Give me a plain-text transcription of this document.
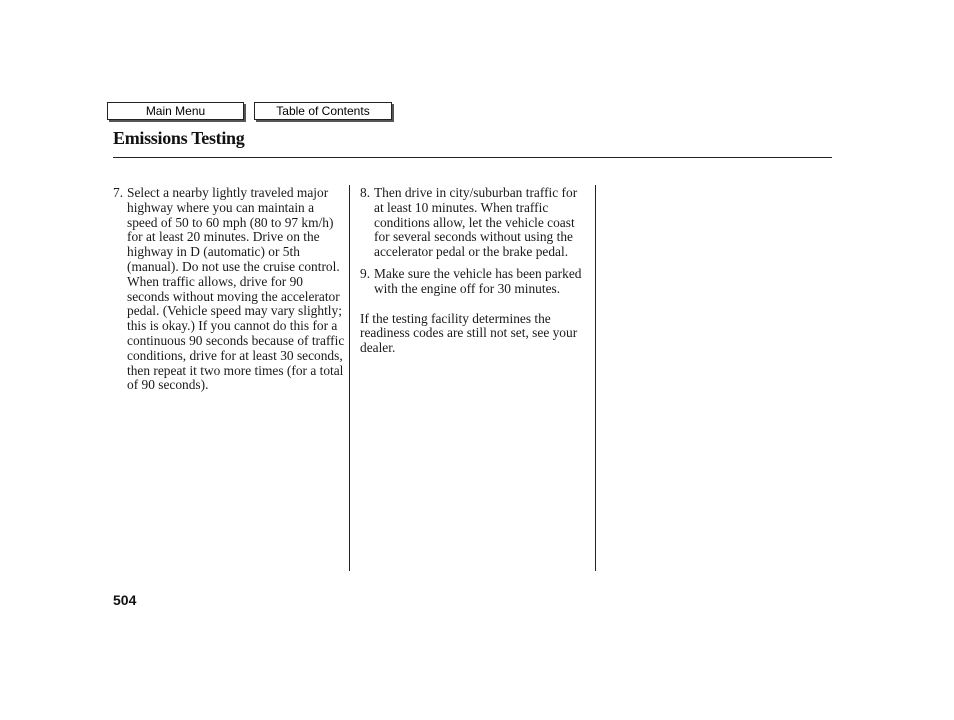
Main Menu	Table of Contents
Emissions Testing
7. Select a nearby lightly traveled major highway where you can maintain a speed of 50 to 60 mph (80 to 97 km/h) for at least 20 minutes. Drive on the highway in D (automatic) or 5th (manual). Do not use the cruise control. When traffic allows, drive for 90 seconds without moving the accelerator pedal. (Vehicle speed may vary slightly; this is okay.) If you cannot do this for a continuous 90 seconds because of traffic conditions, drive for at least 30 seconds, then repeat it two more times (for a total of 90 seconds).
8. Then drive in city/suburban traffic for at least 10 minutes. When traffic conditions allow, let the vehicle coast for several seconds without using the accelerator pedal or the brake pedal.
9. Make sure the vehicle has been parked with the engine off for 30 minutes.

If the testing facility determines the readiness codes are still not set, see your dealer.

504
